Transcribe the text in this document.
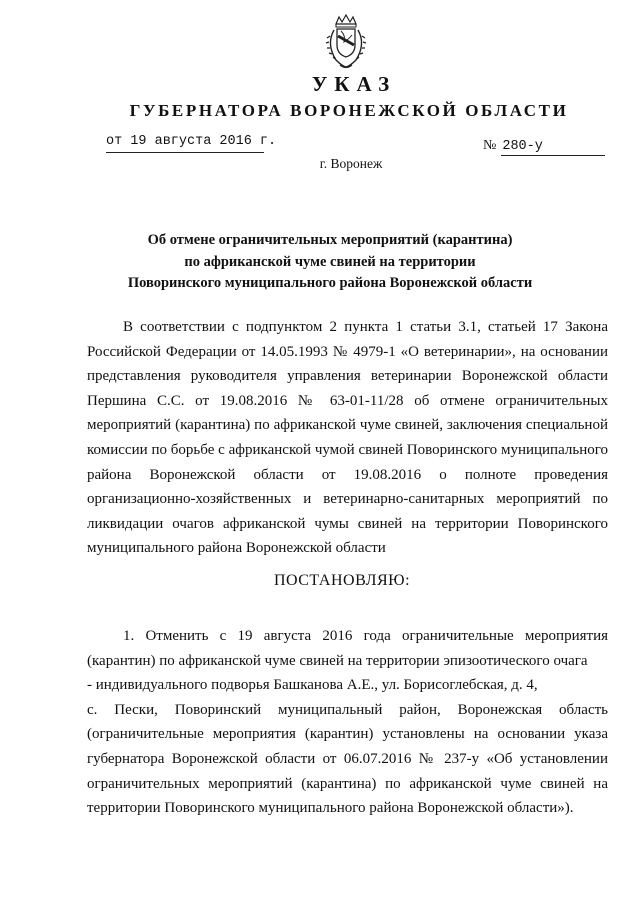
УКАЗ
ГУБЕРНАТОРА ВОРОНЕЖСКОЙ ОБЛАСТИ
от 19 августа 2016 г.	№ 280-у
г. Воронеж
Об отмене ограничительных мероприятий (карантина)
по африканской чуме свиней на территории
Поворинского муниципального района Воронежской области

В соответствии с подпунктом 2 пункта 1 статьи 3.1, статьей 17 Закона Российской Федерации от 14.05.1993 № 4979-1 «О ветеринарии», на основании представления руководителя управления ветеринарии Воронежской области Першина С.С. от 19.08.2016 № 63-01-11/28 об отмене ограничительных мероприятий (карантина) по африканской чуме свиней, заключения специальной комиссии по борьбе с африканской чумой свиней Поворинского муниципального района Воронежской области от 19.08.2016 о полноте проведения организационно-хозяйственных и ветеринарно-санитарных мероприятий по ликвидации очагов африканской чумы свиней на территории Поворинского муниципального района Воронежской области

ПОСТАНОВЛЯЮ:

1. Отменить с 19 августа 2016 года ограничительные мероприятия (карантин) по африканской чуме свиней на территории эпизоотического очага

- индивидуального подворья Башканова А.Е., ул. Борисоглебская, д. 4,

с. Пески, Поворинский муниципальный район, Воронежская область (ограничительные мероприятия (карантин) установлены на основании указа губернатора Воронежской области от 06.07.2016 № 237-у «Об установлении ограничительных мероприятий (карантина) по африканской чуме свиней на территории Поворинского муниципального района Воронежской области»).
